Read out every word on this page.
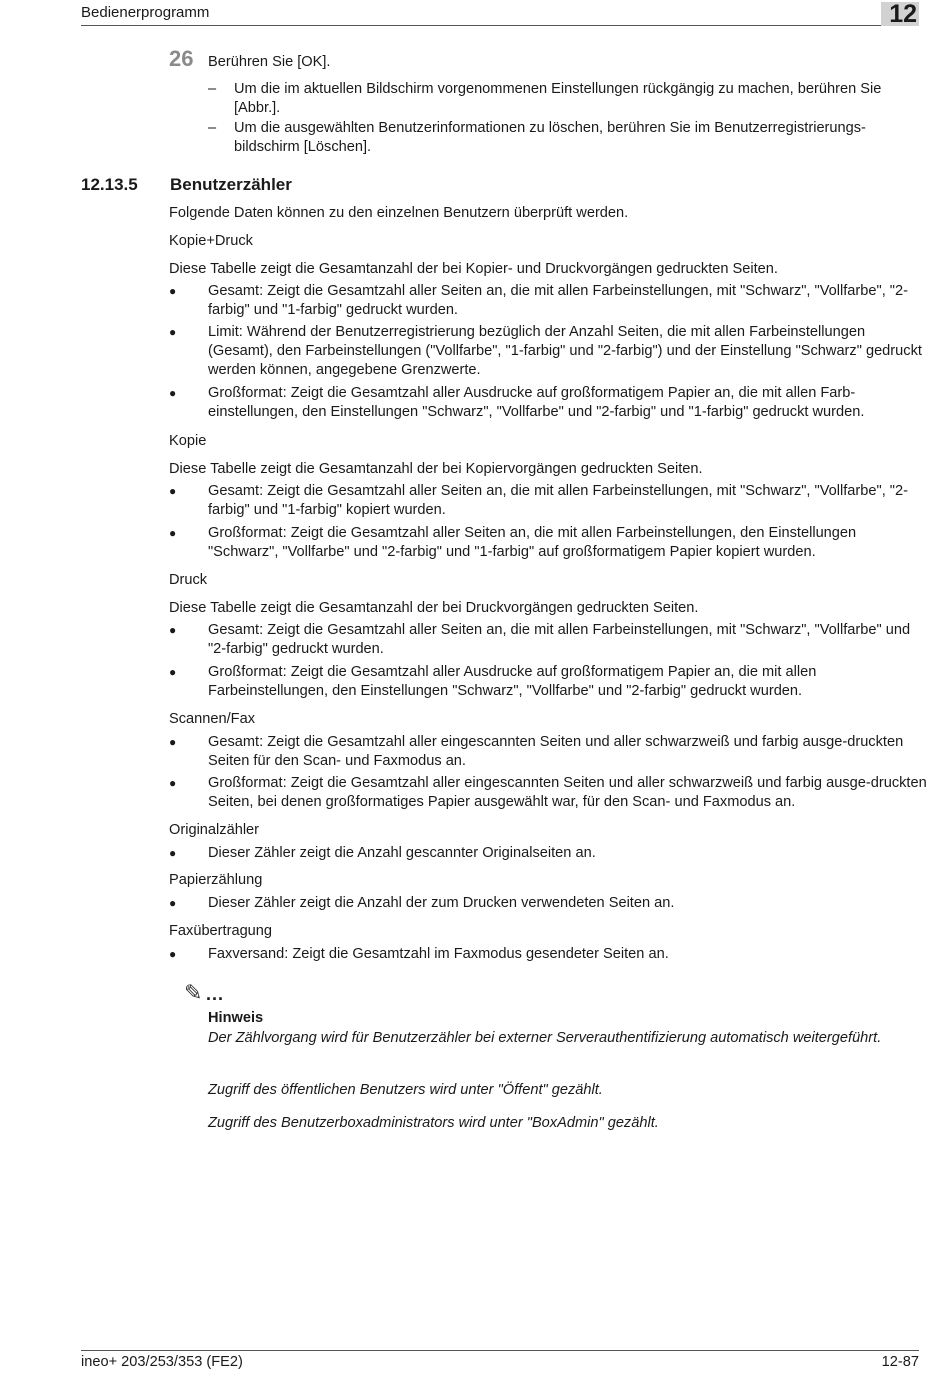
Bedienerprogramm	12
26 Berühren Sie [OK].
– Um die im aktuellen Bildschirm vorgenommenen Einstellungen rückgängig zu machen, berühren Sie [Abbr.].
– Um die ausgewählten Benutzerinformationen zu löschen, berühren Sie im Benutzerregistrierungs-bildschirm [Löschen].
12.13.5 Benutzerzähler
Folgende Daten können zu den einzelnen Benutzern überprüft werden.
Kopie+Druck
Diese Tabelle zeigt die Gesamtanzahl der bei Kopier- und Druckvorgängen gedruckten Seiten.
● Gesamt: Zeigt die Gesamtzahl aller Seiten an, die mit allen Farbeinstellungen, mit "Schwarz", "Vollfarbe", "2-farbig" und "1-farbig" gedruckt wurden.
● Limit: Während der Benutzerregistrierung bezüglich der Anzahl Seiten, die mit allen Farbeinstellungen (Gesamt), den Farbeinstellungen ("Vollfarbe", "1-farbig" und "2-farbig") und der Einstellung "Schwarz" gedruckt werden können, angegebene Grenzwerte.
● Großformat: Zeigt die Gesamtzahl aller Ausdrucke auf großformatigem Papier an, die mit allen Farb-einstellungen, den Einstellungen "Schwarz", "Vollfarbe" und "2-farbig" und "1-farbig" gedruckt wurden.
Kopie
Diese Tabelle zeigt die Gesamtanzahl der bei Kopiervorgängen gedruckten Seiten.
● Gesamt: Zeigt die Gesamtzahl aller Seiten an, die mit allen Farbeinstellungen, mit "Schwarz", "Vollfarbe", "2-farbig" und "1-farbig" kopiert wurden.
● Großformat: Zeigt die Gesamtzahl aller Seiten an, die mit allen Farbeinstellungen, den Einstellungen "Schwarz", "Vollfarbe" und "2-farbig" und "1-farbig" auf großformatigem Papier kopiert wurden.
Druck
Diese Tabelle zeigt die Gesamtanzahl der bei Druckvorgängen gedruckten Seiten.
● Gesamt: Zeigt die Gesamtzahl aller Seiten an, die mit allen Farbeinstellungen, mit "Schwarz", "Vollfarbe" und "2-farbig" gedruckt wurden.
● Großformat: Zeigt die Gesamtzahl aller Ausdrucke auf großformatigem Papier an, die mit allen Farbeinstellungen, den Einstellungen "Schwarz", "Vollfarbe" und "2-farbig" gedruckt wurden.
Scannen/Fax
● Gesamt: Zeigt die Gesamtzahl aller eingescannten Seiten und aller schwarzweiß und farbig ausge-druckten Seiten für den Scan- und Faxmodus an.
● Großformat: Zeigt die Gesamtzahl aller eingescannten Seiten und aller schwarzweiß und farbig ausge-druckten Seiten, bei denen großformatiges Papier ausgewählt war, für den Scan- und Faxmodus an.
Originalzähler
● Dieser Zähler zeigt die Anzahl gescannter Originalseiten an.
Papierzählung
● Dieser Zähler zeigt die Anzahl der zum Drucken verwendeten Seiten an.
Faxübertragung
● Faxversand: Zeigt die Gesamtzahl im Faxmodus gesendeter Seiten an.
✎ ...
Hinweis
Der Zählvorgang wird für Benutzerzähler bei externer Serverauthentifizierung automatisch weitergeführt.
Zugriff des öffentlichen Benutzers wird unter "Öffent" gezählt.
Zugriff des Benutzerboxadministrators wird unter "BoxAdmin" gezählt.
ineo+ 203/253/353 (FE2)	12-87
